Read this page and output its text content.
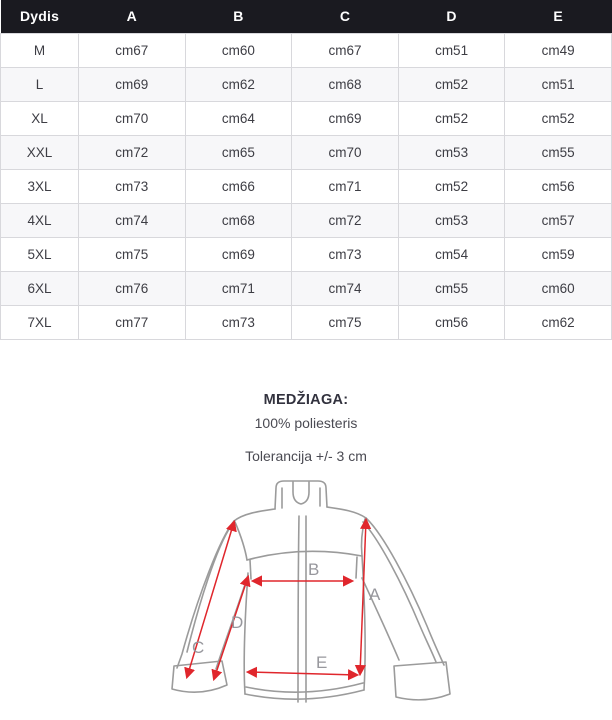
Dydis	A	B	C	D	E
M	cm67	cm60	cm67	cm51	cm49
L	cm69	cm62	cm68	cm52	cm51
XL	cm70	cm64	cm69	cm52	cm52
XXL	cm72	cm65	cm70	cm53	cm55
3XL	cm73	cm66	cm71	cm52	cm56
4XL	cm74	cm68	cm72	cm53	cm57
5XL	cm75	cm69	cm73	cm54	cm59
6XL	cm76	cm71	cm74	cm55	cm60
7XL	cm77	cm73	cm75	cm56	cm62
MEDŽIAGA:
100% poliesteris
Tolerancija +/- 3 cm
A
B
C
D
E
